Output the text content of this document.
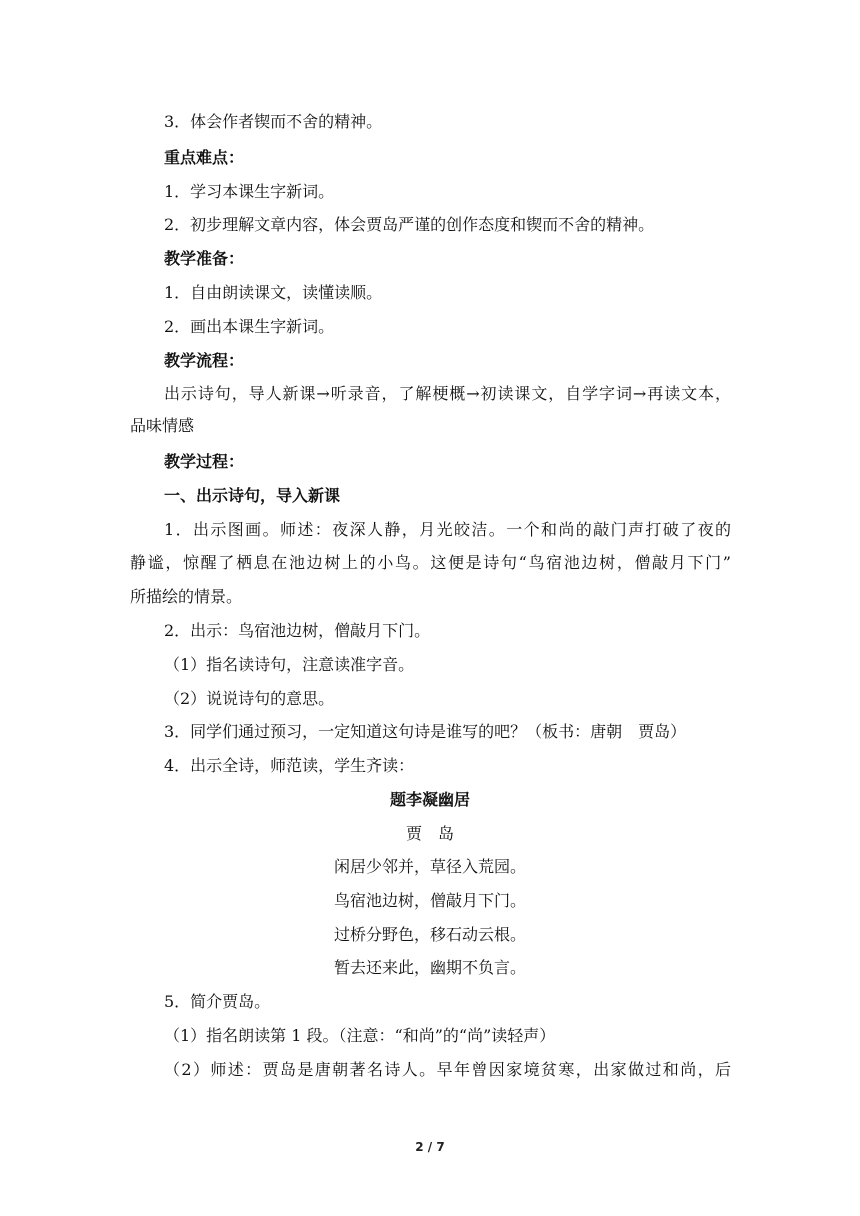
3．体会作者锲而不舍的精神。
重点难点：
1．学习本课生字新词。
2．初步理解文章内容，体会贾岛严谨的创作态度和锲而不舍的精神。
教学准备：
1．自由朗读课文，读懂读顺。
2．画出本课生字新词。
教学流程：
出示诗句，导人新课→听录音，了解梗概→初读课文，自学字词→再读文本，
品味情感
教学过程：
一、出示诗句，导入新课
1．出示图画。师述：夜深人静，月光皎洁。一个和尚的敲门声打破了夜的
静谧，惊醒了栖息在池边树上的小鸟。这便是诗句“鸟宿池边树，僧敲月下门”
所描绘的情景。
2．出示：鸟宿池边树，僧敲月下门。
（1）指名读诗句，注意读准字音。
（2）说说诗句的意思。
3．同学们通过预习，一定知道这句诗是谁写的吧？（板书：唐朝　贾岛）
4．出示全诗，师范读，学生齐读：
题李凝幽居
贾　岛
闲居少邻并，草径入荒园。
鸟宿池边树，僧敲月下门。
过桥分野色，移石动云根。
暂去还来此，幽期不负言。
5．简介贾岛。
（1）指名朗读第 1 段。（注意：“和尚”的“尚”读轻声）
（2）师述：贾岛是唐朝著名诗人。早年曾因家境贫寒，出家做过和尚，后
2 / 7
